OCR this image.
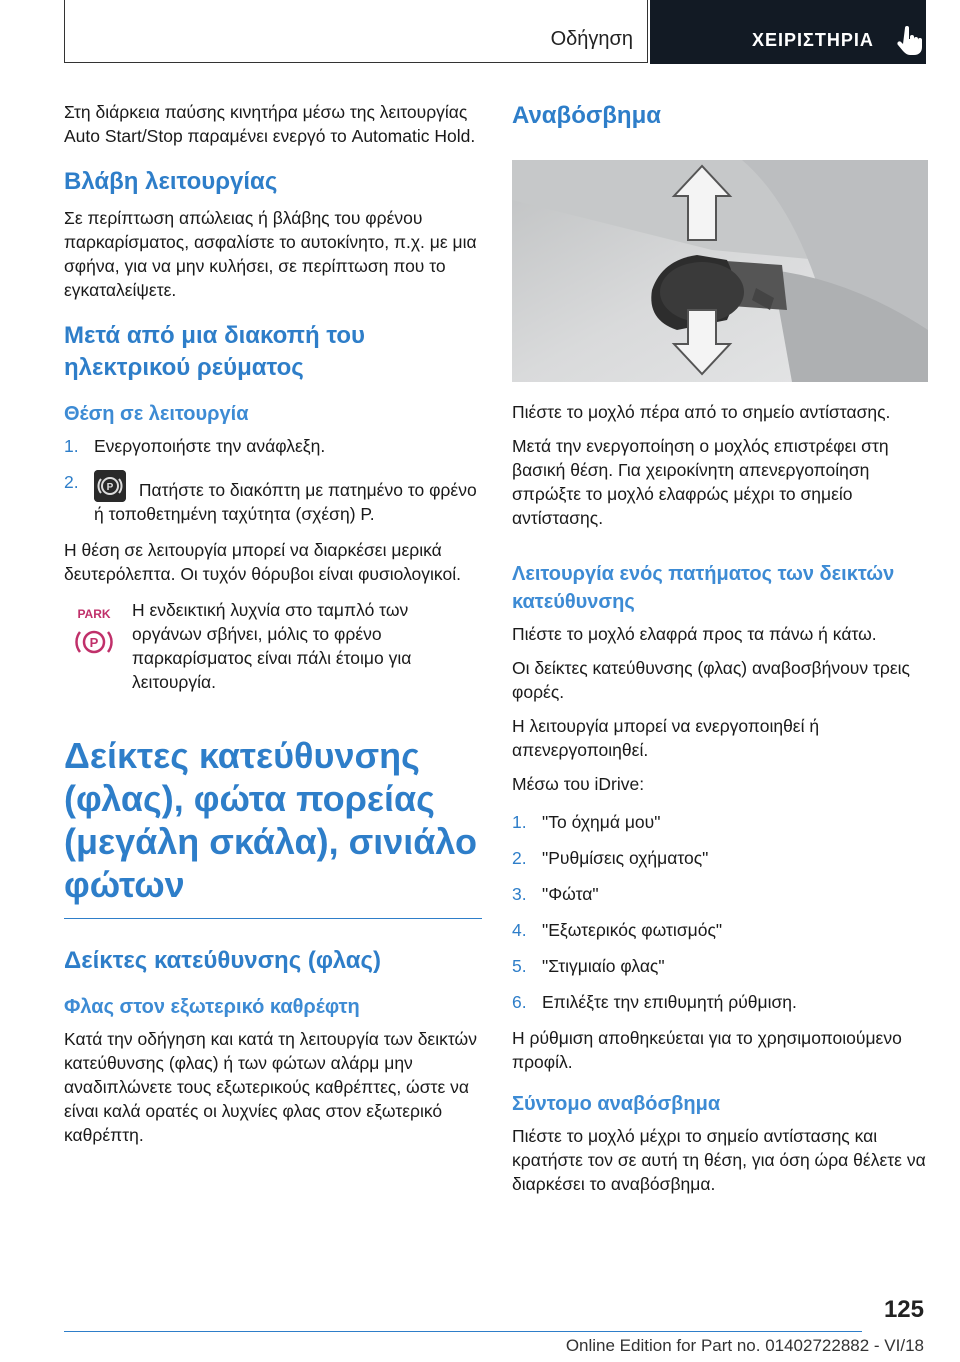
Οδήγηση	ΧΕΙΡΙΣΤΗΡΙΑ

Στη διάρκεια παύσης κινητήρα μέσω της λειτουργίας Auto Start/Stop παραμένει ενεργό το Automatic Hold.

Βλάβη λειτουργίας

Σε περίπτωση απώλειας ή βλάβης του φρένου παρκαρίσματος, ασφαλίστε το αυτοκίνητο, π.χ. με μια σφήνα, για να μην κυλήσει, σε περίπτωση που το εγκαταλείψετε.

Μετά από μια διακοπή του ηλεκτρικού ρεύματος
Θέση σε λειτουργία
1. Ενεργοποιήστε την ανάφλεξη.
2.	P Πατήστε το διακόπτη με πατημένο το φρένο ή τοποθετημένη ταχύτητα (σχέση) P.

Η θέση σε λειτουργία μπορεί να διαρκέσει μερικά δευτερόλεπτα. Οι τυχόν θόρυβοι είναι φυσιολογικοί.

PARK
P

Η ενδεικτική λυχνία στο ταμπλό των οργάνων σβήνει, μόλις το φρένο παρκαρίσματος είναι πάλι έτοιμο για λειτουργία.

Δείκτες κατεύθυνσης (φλας), φώτα πορείας (μεγάλη σκάλα), σινιάλο φώτων
Δείκτες κατεύθυνσης (φλας)
Φλας στον εξωτερικό καθρέφτη

Κατά την οδήγηση και κατά τη λειτουργία των δεικτών κατεύθυνσης (φλας) ή των φώτων αλάρμ μην αναδιπλώνετε τους εξωτερικούς καθρέπτες, ώστε να είναι καλά ορατές οι λυχνίες φλας στον εξωτερικό καθρέπτη.

Αναβόσβημα

Πιέστε το μοχλό πέρα από το σημείο αντίστασης.

Μετά την ενεργοποίηση ο μοχλός επιστρέφει στη βασική θέση. Για χειροκίνητη απενεργοποίηση σπρώξτε το μοχλό ελαφρώς μέχρι το σημείο αντίστασης.

Λειτουργία ενός πατήματος των δεικτών κατεύθυνσης

Πιέστε το μοχλό ελαφρά προς τα πάνω ή κάτω.

Οι δείκτες κατεύθυνσης (φλας) αναβοσβήνουν τρεις φορές.

Η λειτουργία μπορεί να ενεργοποιηθεί ή απενεργοποιηθεί.

Μέσω του iDrive:

1. "Το όχημά μου"
2. "Ρυθμίσεις οχήματος"
3. "Φώτα"
4. "Εξωτερικός φωτισμός"
5. "Στιγμιαίο φλας"
6. Επιλέξτε την επιθυμητή ρύθμιση.

Η ρύθμιση αποθηκεύεται για το χρησιμοποιούμενο προφίλ.

Σύντομο αναβόσβημα

Πιέστε το μοχλό μέχρι το σημείο αντίστασης και κρατήστε τον σε αυτή τη θέση, για όση ώρα θέλετε να διαρκέσει το αναβόσβημα.

125
Online Edition for Part no. 01402722882 - VI/18
